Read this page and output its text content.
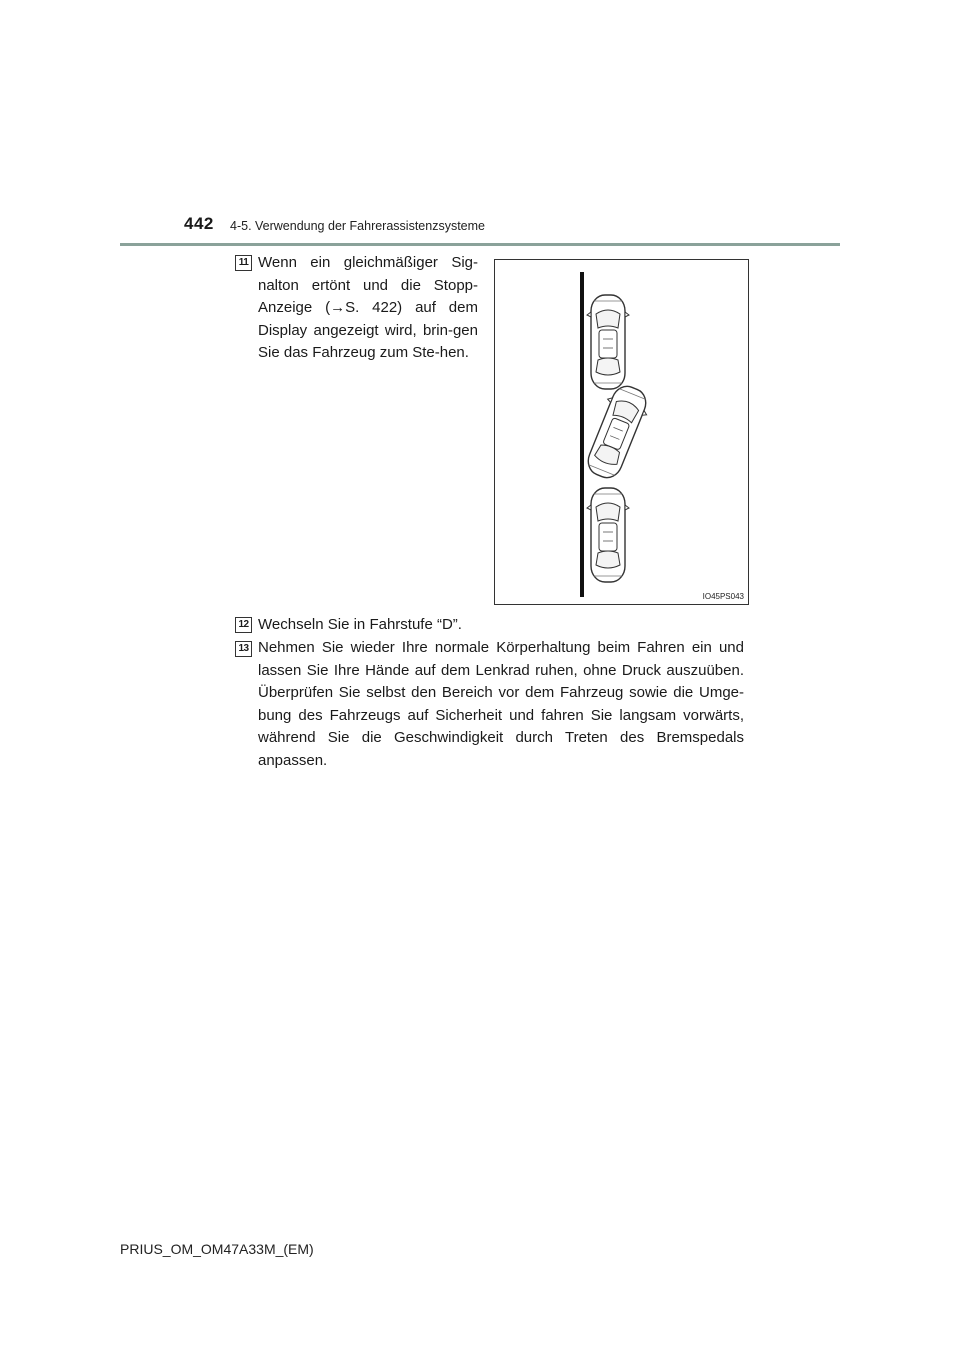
442 4-5. Verwendung der Fahrerassistenzsysteme
11 Wenn ein gleichmäßiger Sig-nalton ertönt und die Stopp-Anzeige (→S. 422) auf dem Display angezeigt wird, brin-gen Sie das Fahrzeug zum Ste-hen.
IO45PS043
12 Wechseln Sie in Fahrstufe “D”.
13 Nehmen Sie wieder Ihre normale Körperhaltung beim Fahren ein und lassen Sie Ihre Hände auf dem Lenkrad ruhen, ohne Druck auszuüben. Überprüfen Sie selbst den Bereich vor dem Fahrzeug sowie die Umge-bung des Fahrzeugs auf Sicherheit und fahren Sie langsam vorwärts, während Sie die Geschwindigkeit durch Treten des Bremspedals anpassen.
PRIUS_OM_OM47A33M_(EM)
